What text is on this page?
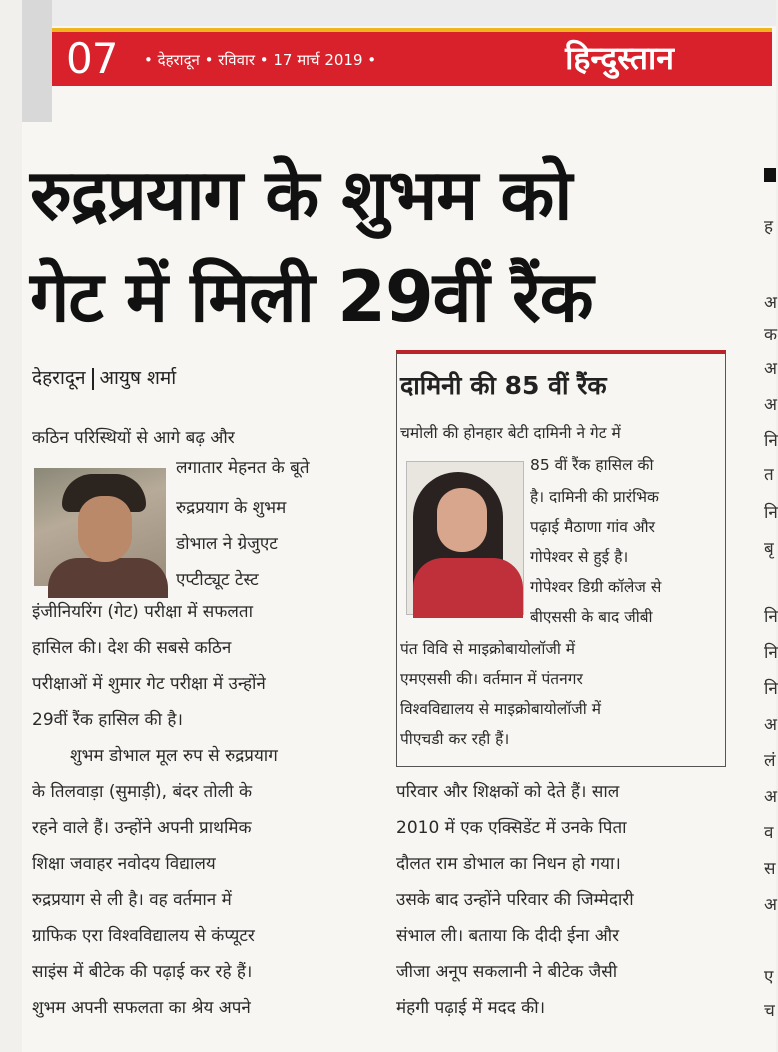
07 • देहरादून • रविवार • 17 मार्च 2019 •	हिन्दुस्तान
रुद्रप्रयाग के शुभम को
गेट में मिली 29वीं रैंक
देहरादून आयुष शर्मा
कठिन परिस्थियों से आगे बढ़ और
लगातार मेहनत के बूते
रुद्रप्रयाग के शुभम
डोभाल ने ग्रेजुएट
एप्टीट्यूट टेस्ट
इंजीनियरिंग (गेट) परीक्षा में सफलता
हासिल की। देश की सबसे कठिन
परीक्षाओं में शुमार गेट परीक्षा में उन्होंने
29वीं रैंक हासिल की है।
शुभम डोभाल मूल रुप से रुद्रप्रयाग
के तिलवाड़ा (सुमाड़ी), बंदर तोली के
रहने वाले हैं। उन्होंने अपनी प्राथमिक
शिक्षा जवाहर नवोदय विद्यालय
रुद्रप्रयाग से ली है। वह वर्तमान में
ग्राफिक एरा विश्वविद्यालय से कंप्यूटर
साइंस में बीटेक की पढ़ाई कर रहे हैं।
शुभम अपनी सफलता का श्रेय अपने
दामिनी की 85 वीं रैंक
चमोली की होनहार बेटी दामिनी ने गेट में
85 वीं रैंक हासिल की
है। दामिनी की प्रारंभिक
पढ़ाई मैठाणा गांव और
गोपेश्वर से हुई है।
गोपेश्वर डिग्री कॉलेज से
बीएससी के बाद जीबी
पंत विवि से माइक्रोबायोलॉजी में
एमएससी की। वर्तमान में पंतनगर
विश्वविद्यालय से माइक्रोबायोलॉजी में
पीएचडी कर रही हैं।
परिवार और शिक्षकों को देते हैं। साल
2010 में एक एक्सिडेंट में उनके पिता
दौलत राम डोभाल का निधन हो गया।
उसके बाद उन्होंने परिवार की जिम्मेदारी
संभाल ली। बताया कि दीदी ईना और
जीजा अनूप सकलानी ने बीटेक जैसी
मंहगी पढ़ाई में मदद की।
ह
अ
क
अ
अ
नि
त
नि
बृ
नि
नि
नि
अ
लं
अ
व
स
अ
ए
च
